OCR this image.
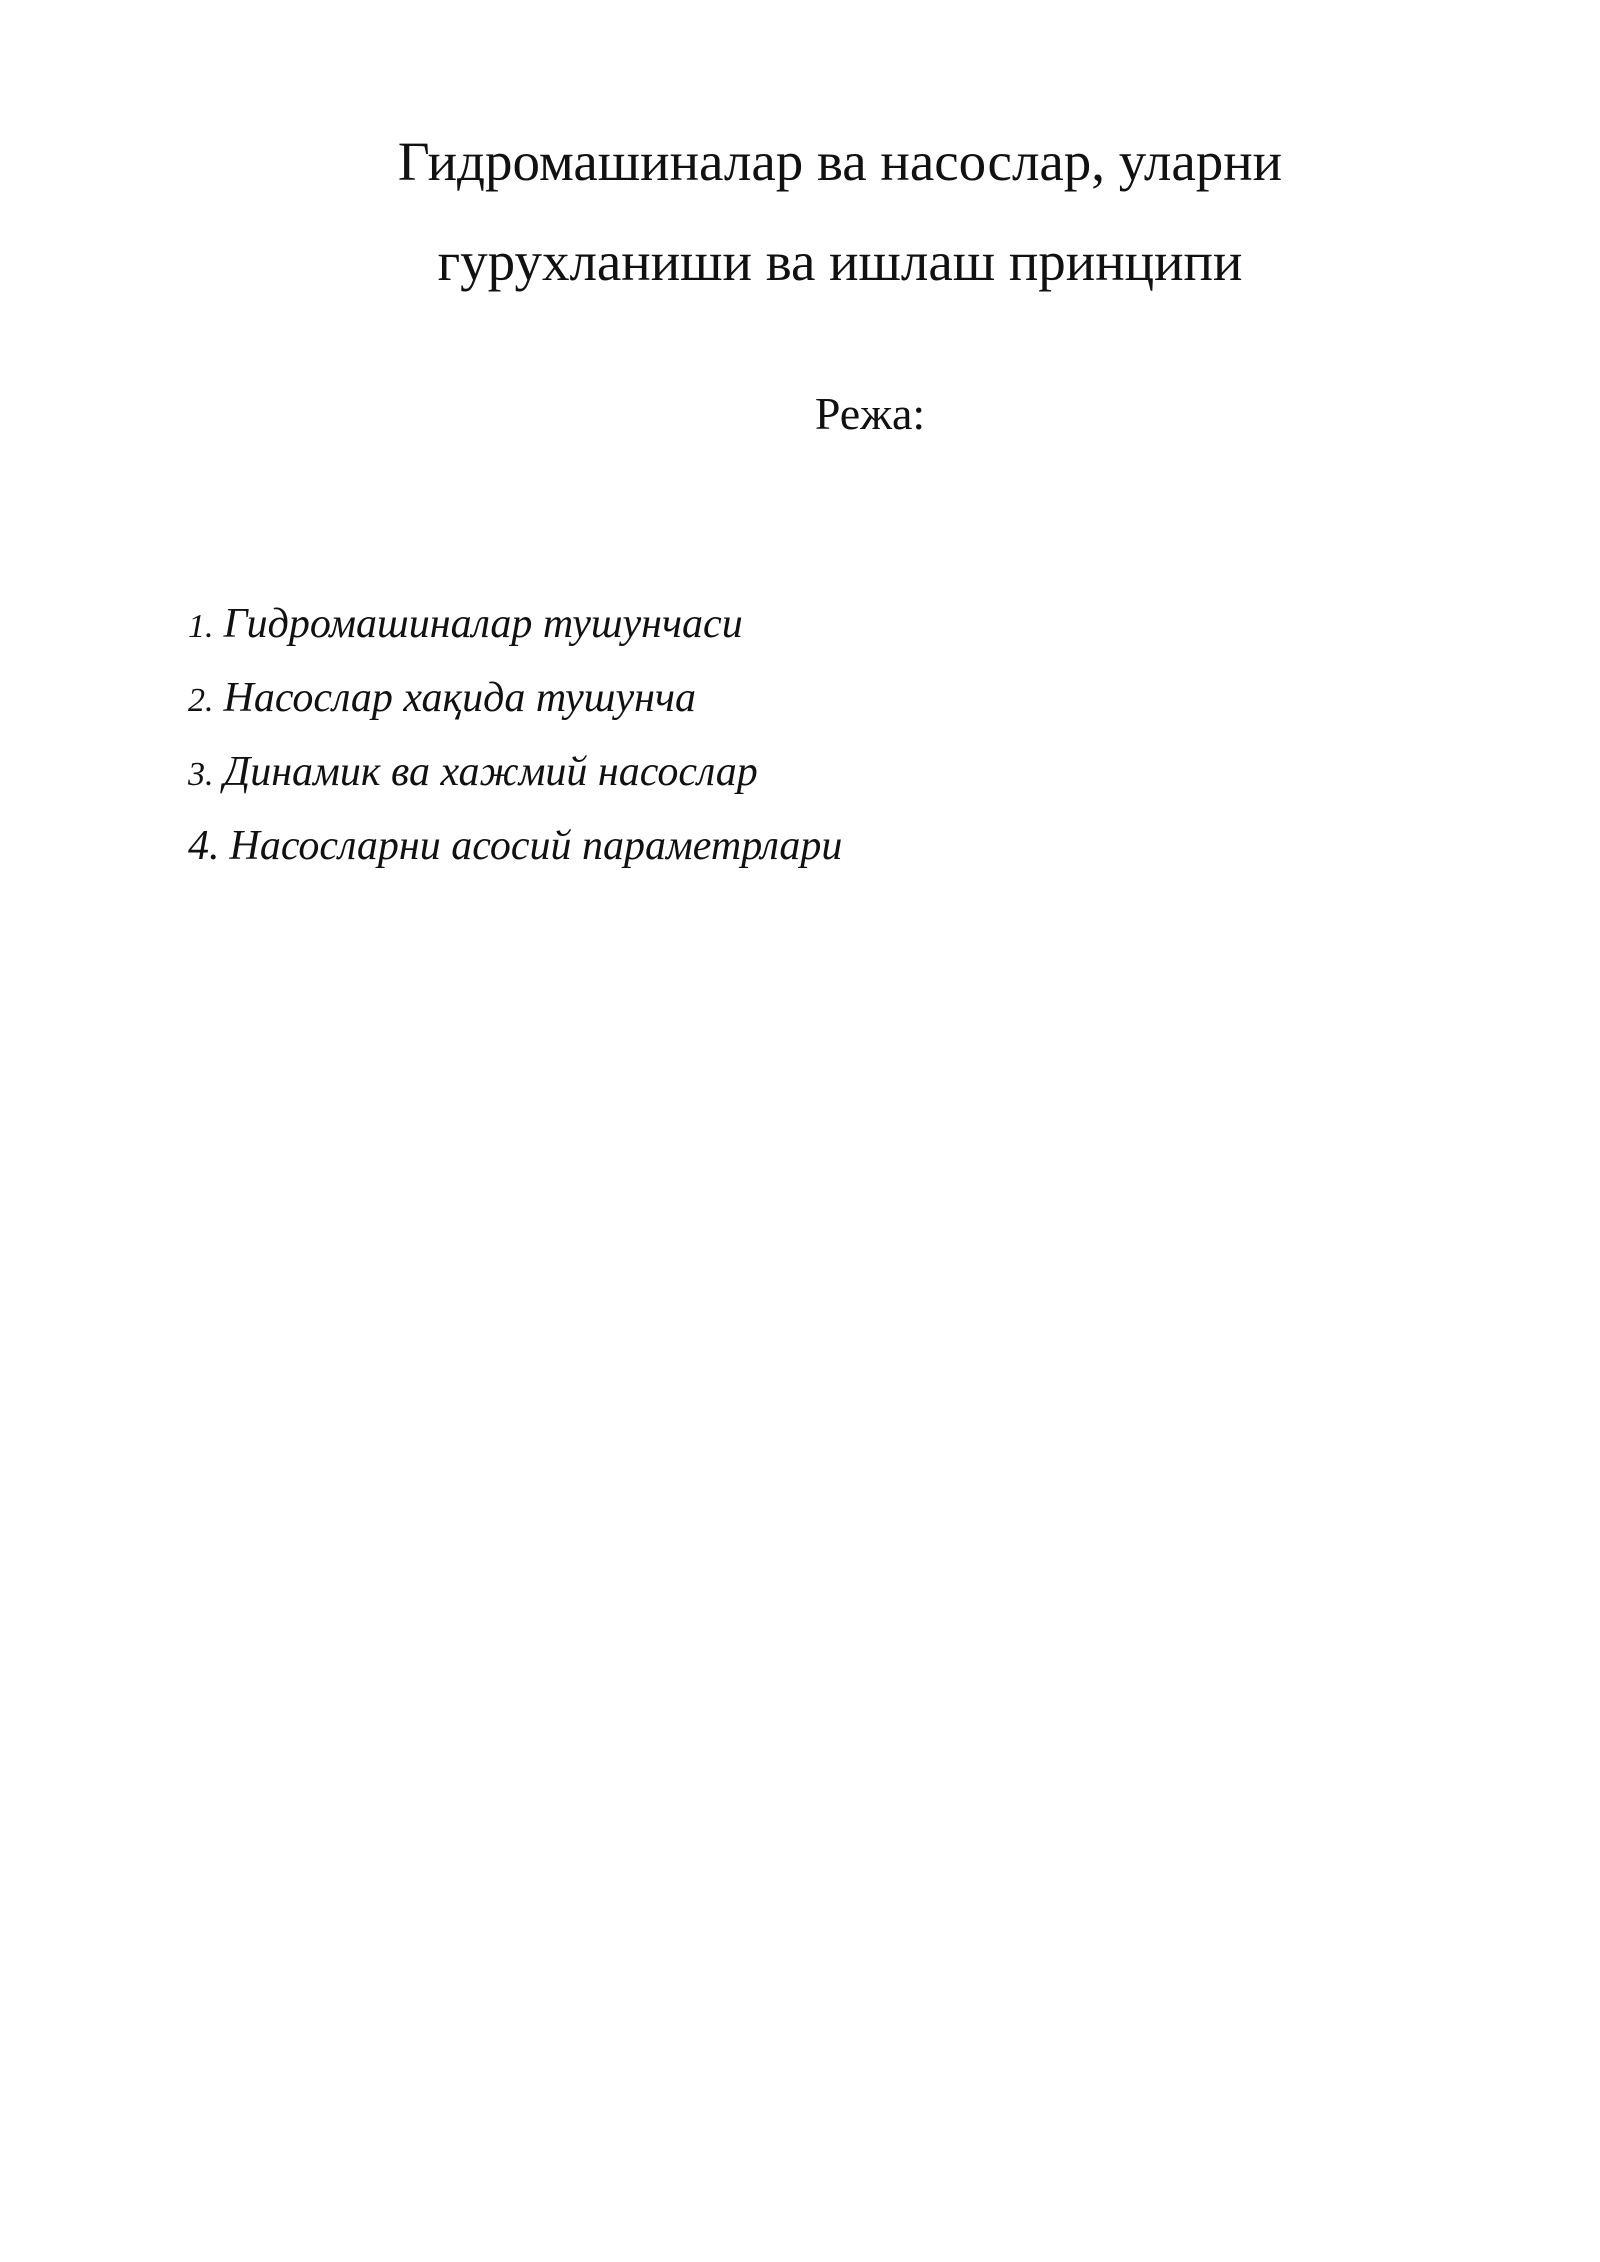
Гидромашиналар ва насослар, уларни
гурухланиши ва ишлаш принципи
Режа:
1. Гидромашиналар тушунчаси
2. Насослар хақида тушунча
3. Динамик ва хажмий насослар
4. Насосларни асосий параметрлари
